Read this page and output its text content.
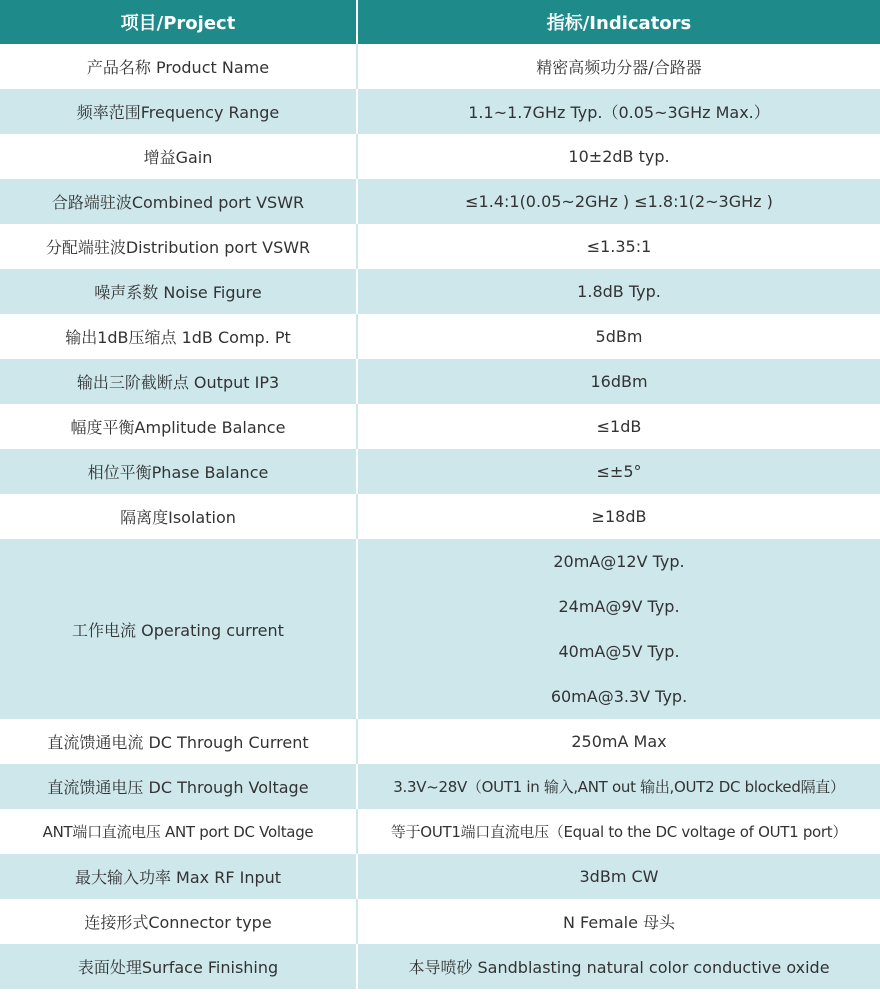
项目/Project	指标/Indicators
产品名称 Product Name	精密高频功分器/合路器
频率范围Frequency Range	1.1~1.7GHz Typ.（0.05~3GHz Max.）
增益Gain	10±2dB typ.
合路端驻波Combined port VSWR	≤1.4:1(0.05~2GHz ) ≤1.8:1(2~3GHz )
分配端驻波Distribution port VSWR	≤1.35:1
噪声系数 Noise Figure	1.8dB Typ.
输出1dB压缩点 1dB Comp. Pt	5dBm
输出三阶截断点 Output IP3	16dBm
幅度平衡Amplitude Balance	≤1dB
相位平衡Phase Balance	≤±5°
隔离度Isolation	≥18dB
工作电流 Operating current	20mA@12V Typ.
24mA@9V Typ.
40mA@5V Typ.
60mA@3.3V Typ.

直流馈通电流 DC Through Current	250mA Max
直流馈通电压 DC Through Voltage	3.3V~28V（OUT1 in 输入,ANT out 输出,OUT2 DC blocked隔直）
ANT端口直流电压 ANT port DC Voltage	等于OUT1端口直流电压（Equal to the DC voltage of OUT1 port）
最大输入功率 Max RF Input	3dBm CW
连接形式Connector type	N Female 母头
表面处理Surface Finishing	本导喷砂 Sandblasting natural color conductive oxide
